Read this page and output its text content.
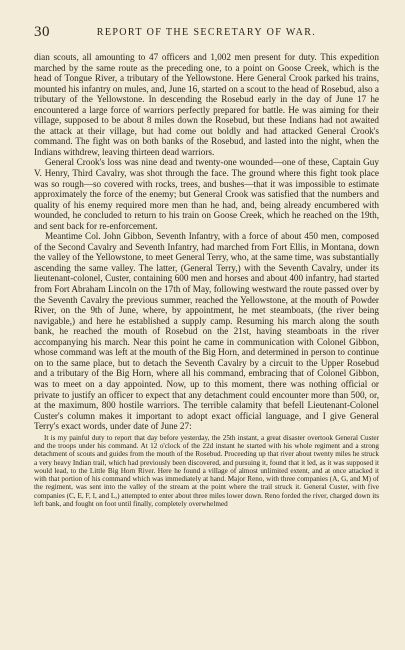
30	REPORT OF THE SECRETARY OF WAR.

dian scouts, all amounting to 47 officers and 1,002 men present for duty. This expedition marched by the same route as the preceding one, to a point on Goose Creek, which is the head of Tongue River, a tributary of the Yellowstone. Here General Crook parked his trains, mounted his infantry on mules, and, June 16, started on a scout to the head of Rosebud, also a tributary of the Yellowstone. In descending the Rosebud early in the day of June 17 he encountered a large force of warriors perfectly prepared for battle. He was aiming for their village, supposed to be about 8 miles down the Rosebud, but these Indians had not awaited the attack at their village, but had come out boldly and had attacked General Crook's command. The fight was on both banks of the Rosebud, and lasted into the night, when the Indians withdrew, leaving thirteen dead warriors.

General Crook's loss was nine dead and twenty-one wounded—one of these, Captain Guy V. Henry, Third Cavalry, was shot through the face. The ground where this fight took place was so rough—so covered with rocks, trees, and bushes—that it was impossible to estimate approximately the force of the enemy; but General Crook was satisfied that the numbers and quality of his enemy required more men than he had, and, being already encumbered with wounded, he concluded to return to his train on Goose Creek, which he reached on the 19th, and sent back for re-enforcement.

Meantime Col. John Gibbon, Seventh Infantry, with a force of about 450 men, composed of the Second Cavalry and Seventh Infantry, had marched from Fort Ellis, in Montana, down the valley of the Yellowstone, to meet General Terry, who, at the same time, was substantially ascending the same valley. The latter, (General Terry,) with the Seventh Cavalry, under its lieutenant-colonel, Custer, containing 600 men and horses and about 400 infantry, had started from Fort Abraham Lincoln on the 17th of May, following westward the route passed over by the Seventh Cavalry the previous summer, reached the Yellowstone, at the mouth of Powder River, on the 9th of June, where, by appointment, he met steamboats, (the river being navigable,) and here he established a supply camp. Resuming his march along the south bank, he reached the mouth of Rosebud on the 21st, having steamboats in the river accompanying his march. Near this point he came in communication with Colonel Gibbon, whose command was left at the mouth of the Big Horn, and determined in person to continue on to the same place, but to detach the Seventh Cavalry by a circuit to the Upper Rosebud and a tributary of the Big Horn, where all his command, embracing that of Colonel Gibbon, was to meet on a day appointed. Now, up to this moment, there was nothing official or private to justify an officer to expect that any detachment could encounter more than 500, or, at the maximum, 800 hostile warriors. The terrible calamity that befell Lieutenant-Colonel Custer's column makes it important to adopt exact official language, and I give General Terry's exact words, under date of June 27:

It is my painful duty to report that day before yesterday, the 25th instant, a great disaster overtook General Custer and the troops under his command. At 12 o'clock of the 22d instant he started with his whole regiment and a strong detachment of scouts and guides from the mouth of the Rosebud. Proceeding up that river about twenty miles he struck a very heavy Indian trail, which had previously been discovered, and pursuing it, found that it led, as it was supposed it would lead, to the Little Big Horn River. Here he found a village of almost unlimited extent, and at once attacked it with that portion of his command which was immediately at hand. Major Reno, with three companies (A, G, and M) of the regiment, was sent into the valley of the stream at the point where the trail struck it. General Custer, with five companies (C, E, F, I, and L,) attempted to enter about three miles lower down. Reno forded the river, charged down its left bank, and fought on foot until finally, completely overwhelmed
